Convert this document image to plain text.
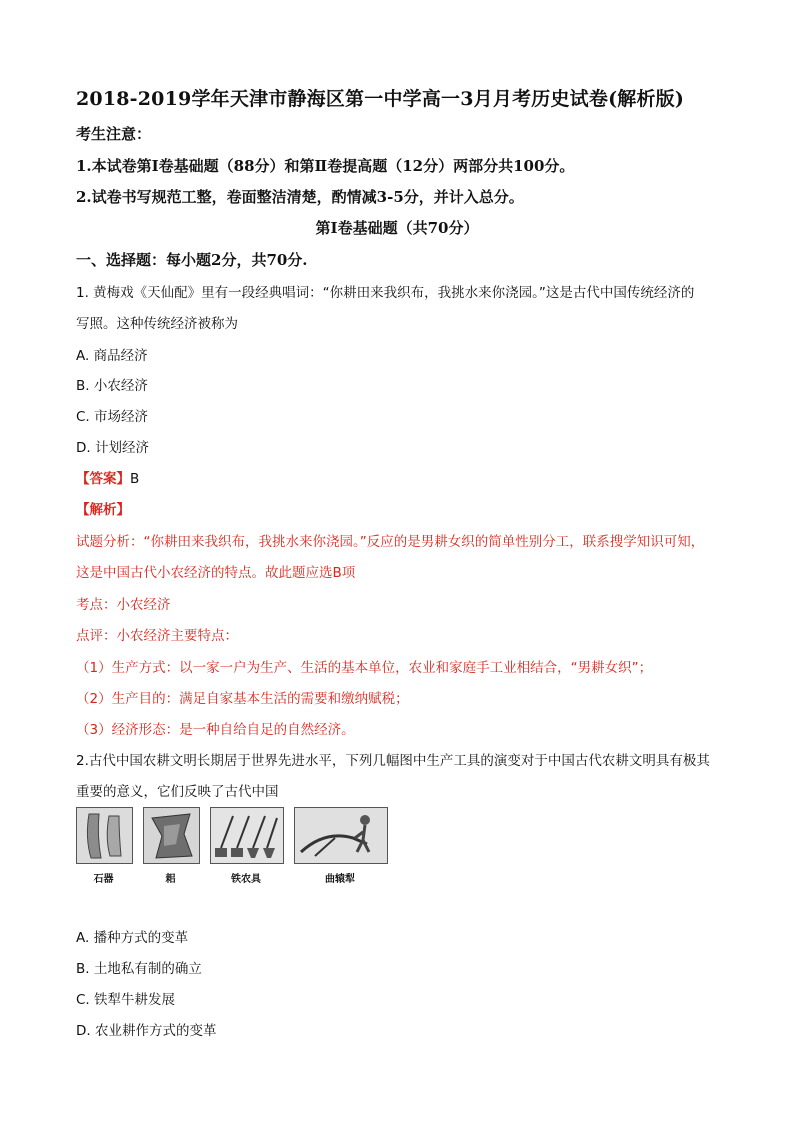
2018-2019学年天津市静海区第一中学高一3月月考历史试卷(解析版)
考生注意：
1.本试卷第Ⅰ卷基础题（88分）和第Ⅱ卷提高题（12分）两部分共100分。
2.试卷书写规范工整，卷面整洁清楚，酌情减3-5分，并计入总分。
第Ⅰ卷基础题（共70分）
一、选择题：每小题2分，共70分.
1. 黄梅戏《天仙配》里有一段经典唱词：“你耕田来我织布，我挑水来你浇园。”这是古代中国传统经济的
写照。这种传统经济被称为
A. 商品经济
B. 小农经济
C. 市场经济
D. 计划经济
【答案】B
【解析】
试题分析：“你耕田来我织布，我挑水来你浇园。”反应的是男耕女织的简单性别分工，联系搜学知识可知，
这是中国古代小农经济的特点。故此题应选B项
考点：小农经济
点评：小农经济主要特点：
（1）生产方式：以一家一户为生产、生活的基本单位，农业和家庭手工业相结合，“男耕女织”；
（2）生产目的：满足自家基本生活的需要和缴纳赋税；
（3）经济形态：是一种自给自足的自然经济。
2.古代中国农耕文明长期居于世界先进水平，下列几幅图中生产工具的演变对于中国古代农耕文明具有极其
重要的意义，它们反映了古代中国
石器	耜	铁农具	曲辕犁
A. 播种方式的变革
B. 土地私有制的确立
C. 铁犁牛耕发展
D. 农业耕作方式的变革
